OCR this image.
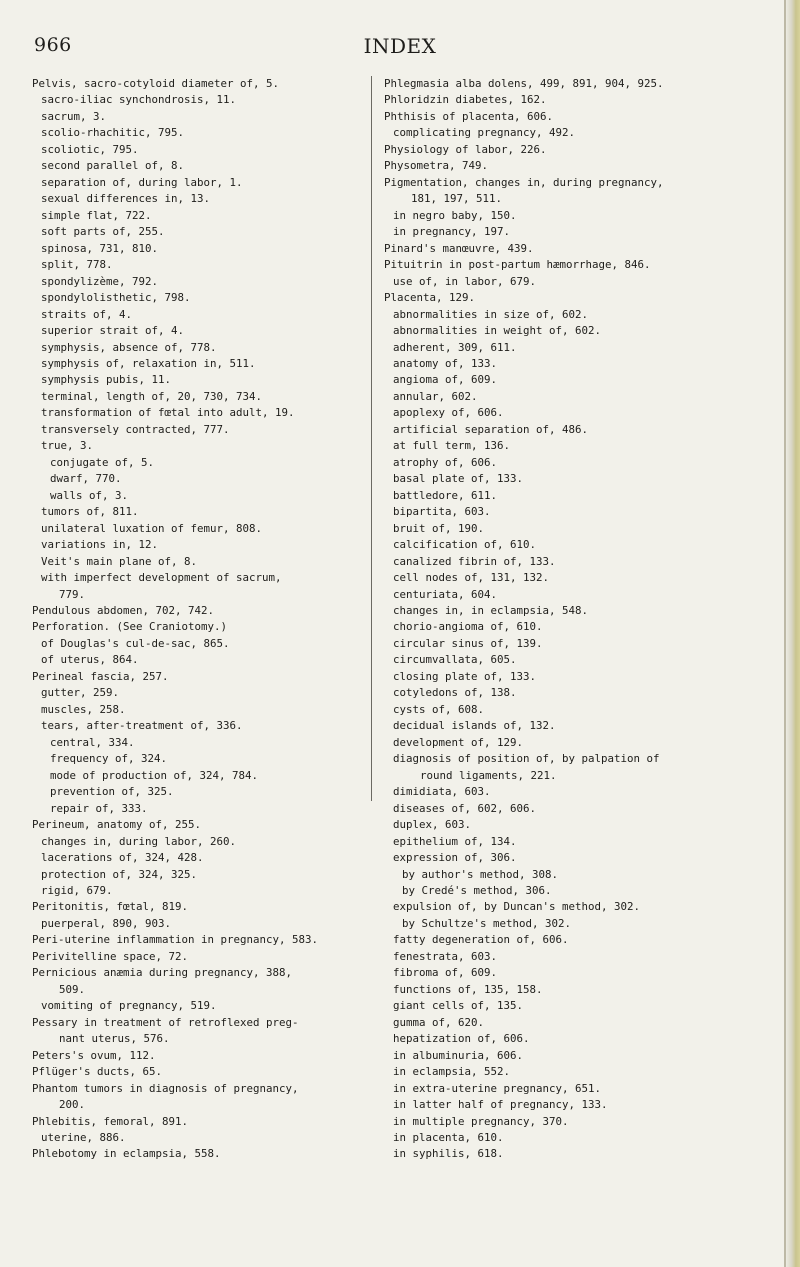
966	INDEX
Pelvis, sacro-cotyloid diameter of, 5.
sacro-iliac synchondrosis, 11.
sacrum, 3.
scolio-rhachitic, 795.
scoliotic, 795.
second parallel of, 8.
separation of, during labor, 1.
sexual differences in, 13.
simple flat, 722.
soft parts of, 255.
spinosa, 731, 810.
split, 778.
spondylizème, 792.
spondylolisthetic, 798.
straits of, 4.
superior strait of, 4.
symphysis, absence of, 778.
symphysis of, relaxation in, 511.
symphysis pubis, 11.
terminal, length of, 20, 730, 734.
transformation of fœtal into adult, 19.
transversely contracted, 777.
true, 3.
conjugate of, 5.
dwarf, 770.
walls of, 3.
tumors of, 811.
unilateral luxation of femur, 808.
variations in, 12.
Veit's main plane of, 8.
with imperfect development of sacrum,
779.
Pendulous abdomen, 702, 742.
Perforation. (See Craniotomy.)
of Douglas's cul-de-sac, 865.
of uterus, 864.
Perineal fascia, 257.
gutter, 259.
muscles, 258.
tears, after-treatment of, 336.
central, 334.
frequency of, 324.
mode of production of, 324, 784.
prevention of, 325.
repair of, 333.
Perineum, anatomy of, 255.
changes in, during labor, 260.
lacerations of, 324, 428.
protection of, 324, 325.
rigid, 679.
Peritonitis, fœtal, 819.
puerperal, 890, 903.
Peri-uterine inflammation in pregnancy, 583.
Perivitelline space, 72.
Pernicious anæmia during pregnancy, 388,
509.
vomiting of pregnancy, 519.
Pessary in treatment of retroflexed preg-
nant uterus, 576.
Peters's ovum, 112.
Pflüger's ducts, 65.
Phantom tumors in diagnosis of pregnancy,
200.
Phlebitis, femoral, 891.
uterine, 886.
Phlebotomy in eclampsia, 558.
Phlegmasia alba dolens, 499, 891, 904, 925.
Phloridzin diabetes, 162.
Phthisis of placenta, 606.
complicating pregnancy, 492.
Physiology of labor, 226.
Physometra, 749.
Pigmentation, changes in, during pregnancy,
181, 197, 511.
in negro baby, 150.
in pregnancy, 197.
Pinard's manœuvre, 439.
Pituitrin in post-partum hæmorrhage, 846.
use of, in labor, 679.
Placenta, 129.
abnormalities in size of, 602.
abnormalities in weight of, 602.
adherent, 309, 611.
anatomy of, 133.
angioma of, 609.
annular, 602.
apoplexy of, 606.
artificial separation of, 486.
at full term, 136.
atrophy of, 606.
basal plate of, 133.
battledore, 611.
bipartita, 603.
bruit of, 190.
calcification of, 610.
canalized fibrin of, 133.
cell nodes of, 131, 132.
centuriata, 604.
changes in, in eclampsia, 548.
chorio-angioma of, 610.
circular sinus of, 139.
circumvallata, 605.
closing plate of, 133.
cotyledons of, 138.
cysts of, 608.
decidual islands of, 132.
development of, 129.
diagnosis of position of, by palpation of
round ligaments, 221.
dimidiata, 603.
diseases of, 602, 606.
duplex, 603.
epithelium of, 134.
expression of, 306.
by author's method, 308.
by Credé's method, 306.
expulsion of, by Duncan's method, 302.
by Schultze's method, 302.
fatty degeneration of, 606.
fenestrata, 603.
fibroma of, 609.
functions of, 135, 158.
giant cells of, 135.
gumma of, 620.
hepatization of, 606.
in albuminuria, 606.
in eclampsia, 552.
in extra-uterine pregnancy, 651.
in latter half of pregnancy, 133.
in multiple pregnancy, 370.
in placenta, 610.
in syphilis, 618.
